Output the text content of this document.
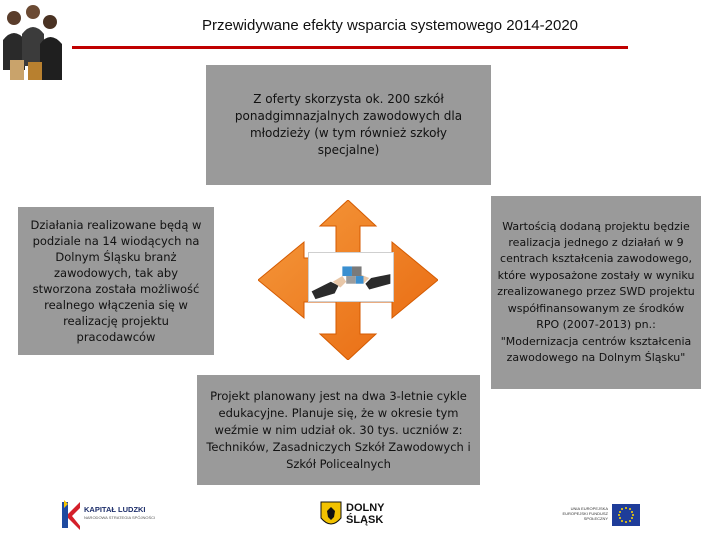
Przewidywane efekty wsparcia systemowego 2014-2020
Z oferty skorzysta ok. 200 szkół ponadgimnazjalnych zawodowych dla młodzieży (w tym również szkoły specjalne)
Działania realizowane będą w podziale na 14 wiodących na Dolnym Śląsku branż zawodowych, tak aby stworzona została możliwość realnego włączenia się w realizację projektu pracodawców
Wartością dodaną projektu będzie realizacja jednego z działań w 9 centrach kształcenia zawodowego, które wyposażone zostały w wyniku zrealizowanego przez SWD projektu współfinansowanym ze środków RPO (2007-2013) pn.: "Modernizacja centrów kształcenia zawodowego na Dolnym Śląsku"
Projekt planowany jest na dwa 3-letnie cykle edukacyjne. Planuje się, że w okresie tym weźmie w nim udział ok. 30 tys. uczniów z: Techników, Zasadniczych Szkół Zawodowych i Szkół Policealnych
KAPITAŁ LUDZKI
NARODOWA STRATEGIA SPÓJNOŚCI
DOLNY ŚLĄSK
UNIA EUROPEJSKA EUROPEJSKI FUNDUSZ SPOŁECZNY
